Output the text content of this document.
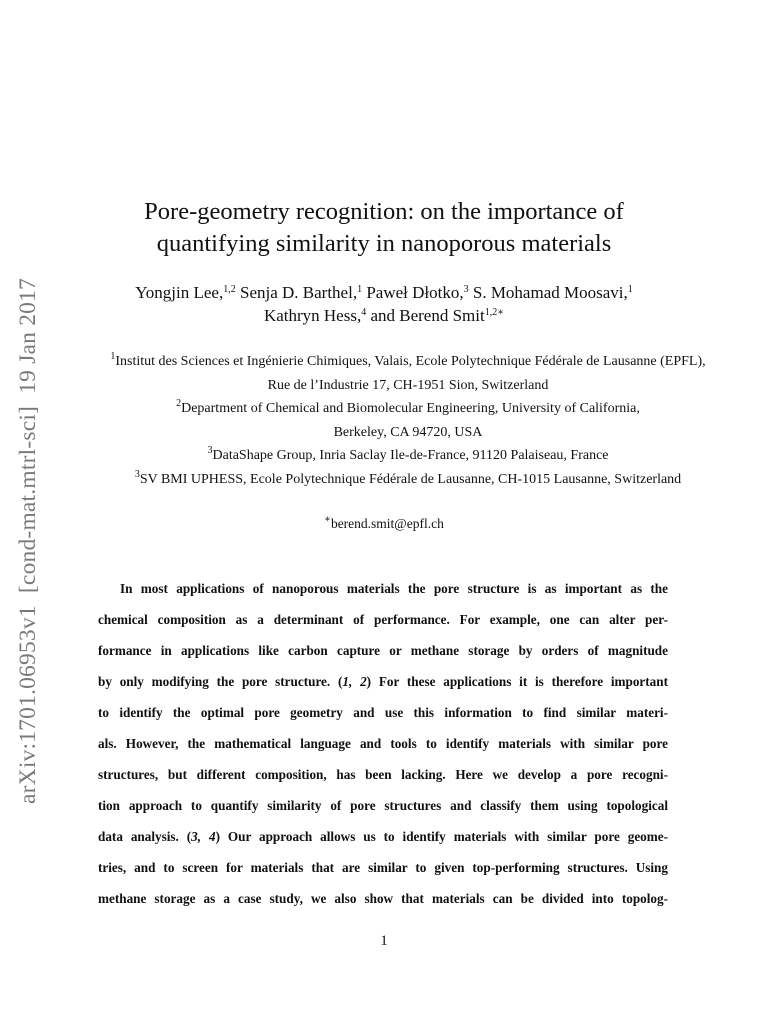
arXiv:1701.06953v1  [cond-mat.mtrl-sci]  19 Jan 2017
Pore-geometry recognition: on the importance of
quantifying similarity in nanoporous materials
Yongjin Lee,$^{1,2}$ Senja D. Barthel,$^1$ Paweł Dłotko,$^3$ S. Mohamad Moosavi,$^1$
Kathryn Hess,$^4$ and Berend Smit$^{1,2∗}$
$^1$Institut des Sciences et Ingénierie Chimiques, Valais, Ecole Polytechnique Fédérale de Lausanne (EPFL),
Rue de l’Industrie 17, CH-1951 Sion, Switzerland
$^2$Department of Chemical and Biomolecular Engineering, University of California,
Berkeley, CA 94720, USA
$^3$DataShape Group, Inria Saclay Ile-de-France, 91120 Palaiseau, France
$^3$SV BMI UPHESS, Ecole Polytechnique Fédérale de Lausanne, CH-1015 Lausanne, Switzerland
∗berend.smit@epfl.ch
In most applications of nanoporous materials the pore structure is as important as the
chemical composition as a determinant of performance. For example, one can alter per-
formance in applications like carbon capture or methane storage by orders of magnitude
by only modifying the pore structure. (1, 2) For these applications it is therefore important
to identify the optimal pore geometry and use this information to find similar materi-
als. However, the mathematical language and tools to identify materials with similar pore
structures, but different composition, has been lacking. Here we develop a pore recogni-
tion approach to quantify similarity of pore structures and classify them using topological
data analysis. (3, 4) Our approach allows us to identify materials with similar pore geome-
tries, and to screen for materials that are similar to given top-performing structures. Using
methane storage as a case study, we also show that materials can be divided into topolog-
1
